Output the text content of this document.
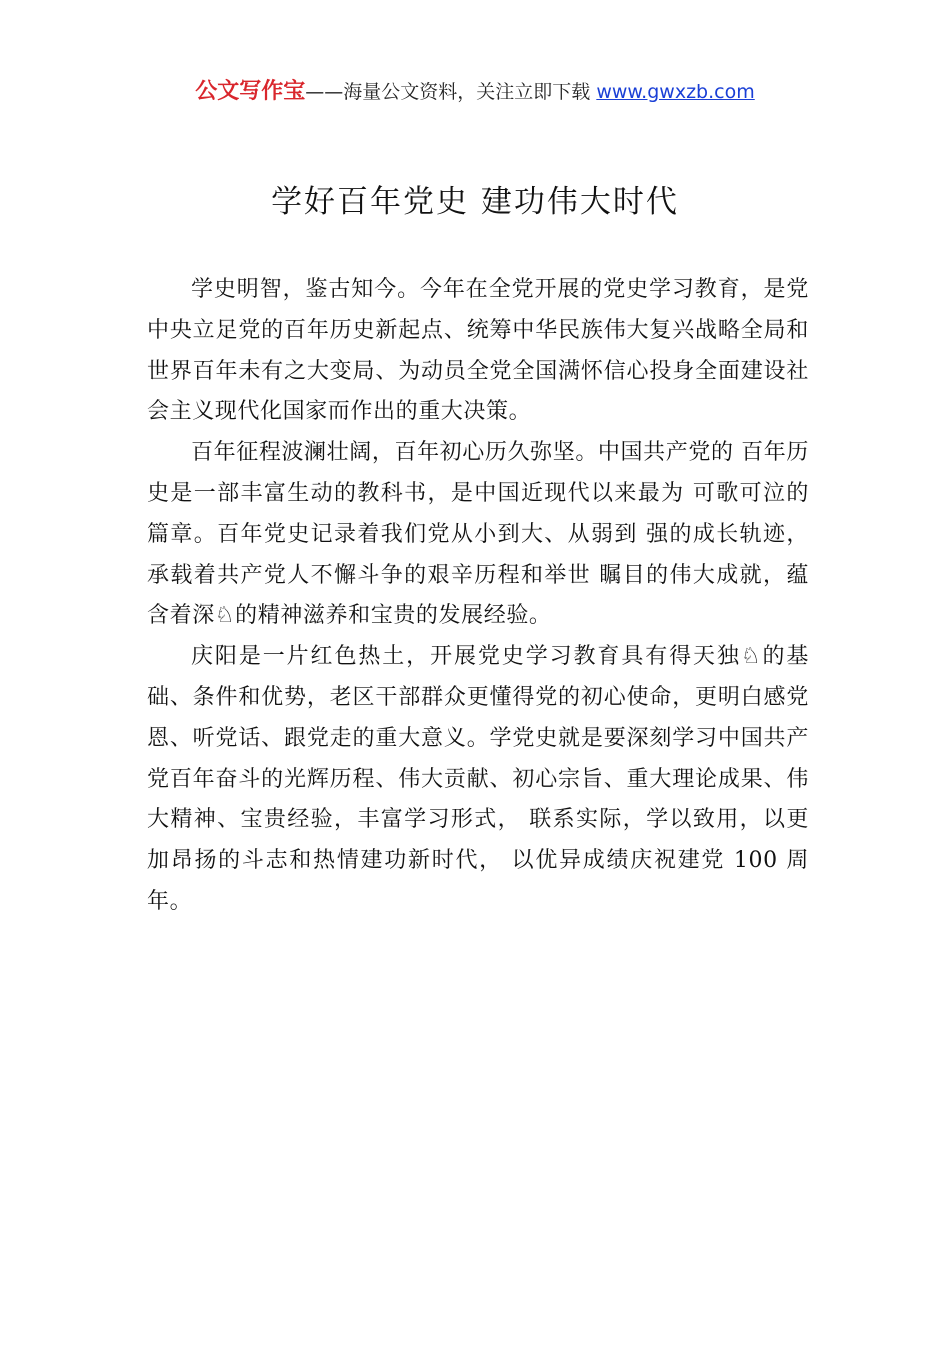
公文写作宝——海量公文资料，关注立即下载 www.gwxzb.com
学好百年党史 建功伟大时代

学史明智，鉴古知今。今年在全党开展的党史学习教育，是党中央立足党的百年历史新起点、统筹中华民族伟大复兴战略全局和世界百年未有之大变局、为动员全党全国满怀信心投身全面建设社会主义现代化国家而作出的重大决策。

百年征程波澜壮阔，百年初心历久弥坚。中国共产党的 百年历史是一部丰富生动的教科书，是中国近现代以来最为 可歌可泣的篇章。百年党史记录着我们党从小到大、从弱到 强的成长轨迹，承载着共产党人不懈斗争的艰辛历程和举世 瞩目的伟大成就，蕴含着深♘的精神滋养和宝贵的发展经验。

庆阳是一片红色热土，开展党史学习教育具有得天独♘的基础、条件和优势，老区干部群众更懂得党的初心使命，更明白感党恩、听党话、跟党走的重大意义。学党史就是要深刻学习中国共产党百年奋斗的光辉历程、伟大贡献、初心宗旨、重大理论成果、伟大精神、宝贵经验，丰富学习形式， 联系实际，学以致用，以更加昂扬的斗志和热情建功新时代， 以优异成绩庆祝建党 100 周年。
